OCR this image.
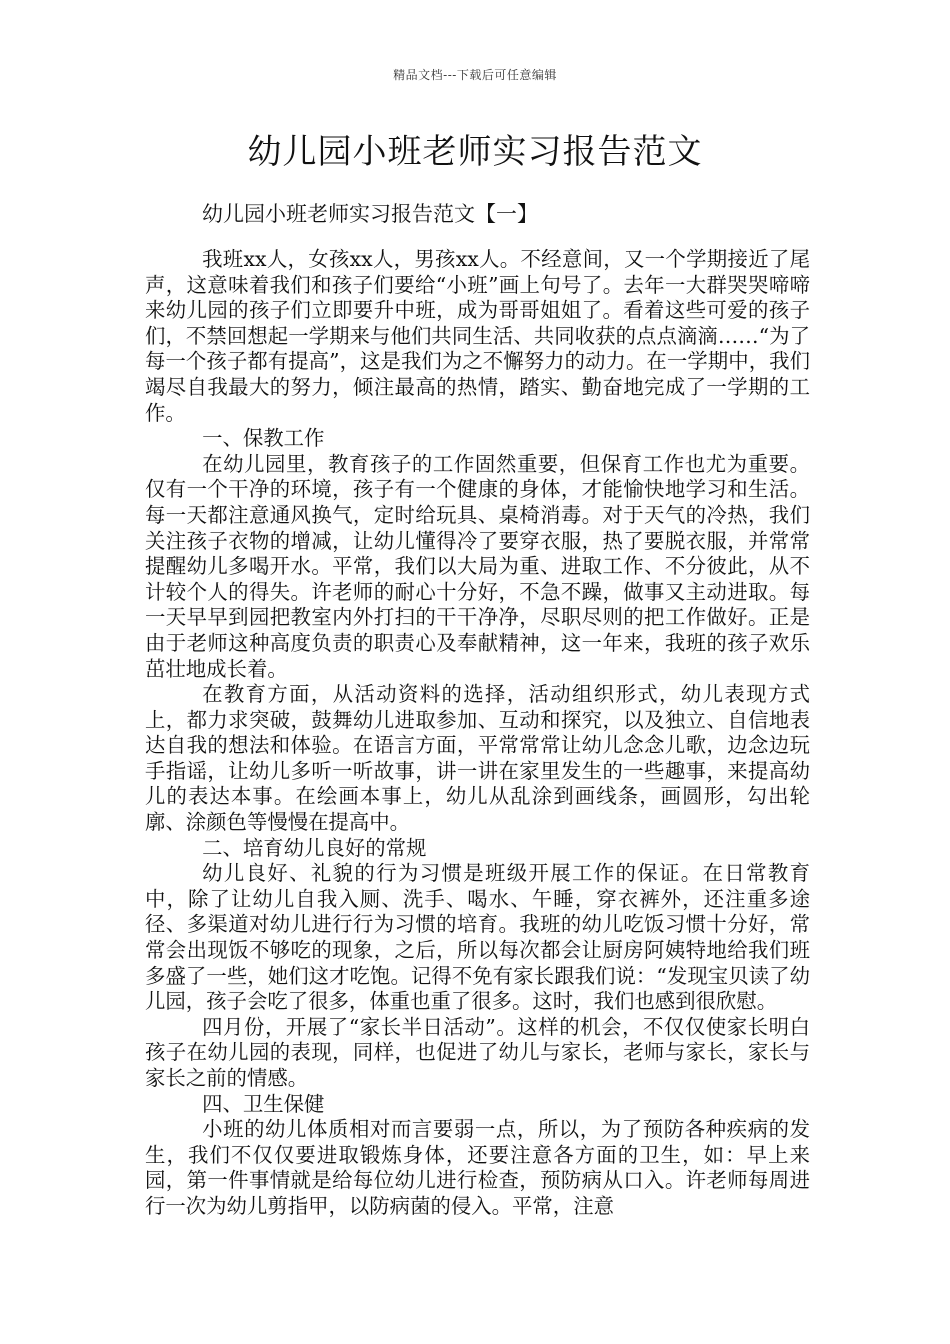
精品文档---下载后可任意编辑
幼儿园小班老师实习报告范文

幼儿园小班老师实习报告范文【一】

我班xx人，女孩xx人，男孩xx人。不经意间，又一个学期接近了尾声，这意味着我们和孩子们要给“小班”画上句号了。去年一大群哭哭啼啼来幼儿园的孩子们立即要升中班，成为哥哥姐姐了。看着这些可爱的孩子们，不禁回想起一学期来与他们共同生活、共同收获的点点滴滴……“为了每一个孩子都有提高”，这是我们为之不懈努力的动力。在一学期中，我们竭尽自我最大的努力，倾注最高的热情，踏实、勤奋地完成了一学期的工作。

一、保教工作

在幼儿园里，教育孩子的工作固然重要，但保育工作也尤为重要。仅有一个干净的环境，孩子有一个健康的身体，才能愉快地学习和生活。每一天都注意通风换气，定时给玩具、桌椅消毒。对于天气的冷热，我们关注孩子衣物的增减，让幼儿懂得冷了要穿衣服，热了要脱衣服，并常常提醒幼儿多喝开水。平常，我们以大局为重、进取工作、不分彼此，从不计较个人的得失。许老师的耐心十分好，不急不躁，做事又主动进取。每一天早早到园把教室内外打扫的干干净净，尽职尽则的把工作做好。正是由于老师这种高度负责的职责心及奉献精神，这一年来，我班的孩子欢乐茁壮地成长着。

在教育方面，从活动资料的选择，活动组织形式，幼儿表现方式上，都力求突破，鼓舞幼儿进取参加、互动和探究，以及独立、自信地表达自我的想法和体验。在语言方面，平常常常让幼儿念念儿歌，边念边玩手指谣，让幼儿多听一听故事，讲一讲在家里发生的一些趣事，来提高幼儿的表达本事。在绘画本事上，幼儿从乱涂到画线条，画圆形，勾出轮廓、涂颜色等慢慢在提高中。

二、培育幼儿良好的常规

幼儿良好、礼貌的行为习惯是班级开展工作的保证。在日常教育中，除了让幼儿自我入厕、洗手、喝水、午睡，穿衣裤外，还注重多途径、多渠道对幼儿进行行为习惯的培育。我班的幼儿吃饭习惯十分好，常常会出现饭不够吃的现象，之后，所以每次都会让厨房阿姨特地给我们班多盛了一些，她们这才吃饱。记得不免有家长跟我们说：“发现宝贝读了幼儿园，孩子会吃了很多，体重也重了很多。这时，我们也感到很欣慰。

四月份，开展了“家长半日活动”。这样的机会，不仅仅使家长明白孩子在幼儿园的表现，同样，也促进了幼儿与家长，老师与家长，家长与家长之前的情感。

四、卫生保健

小班的幼儿体质相对而言要弱一点，所以，为了预防各种疾病的发生，我们不仅仅要进取锻炼身体，还要注意各方面的卫生，如：早上来园，第一件事情就是给每位幼儿进行检查，预防病从口入。许老师每周进行一次为幼儿剪指甲，以防病菌的侵入。平常，注意
